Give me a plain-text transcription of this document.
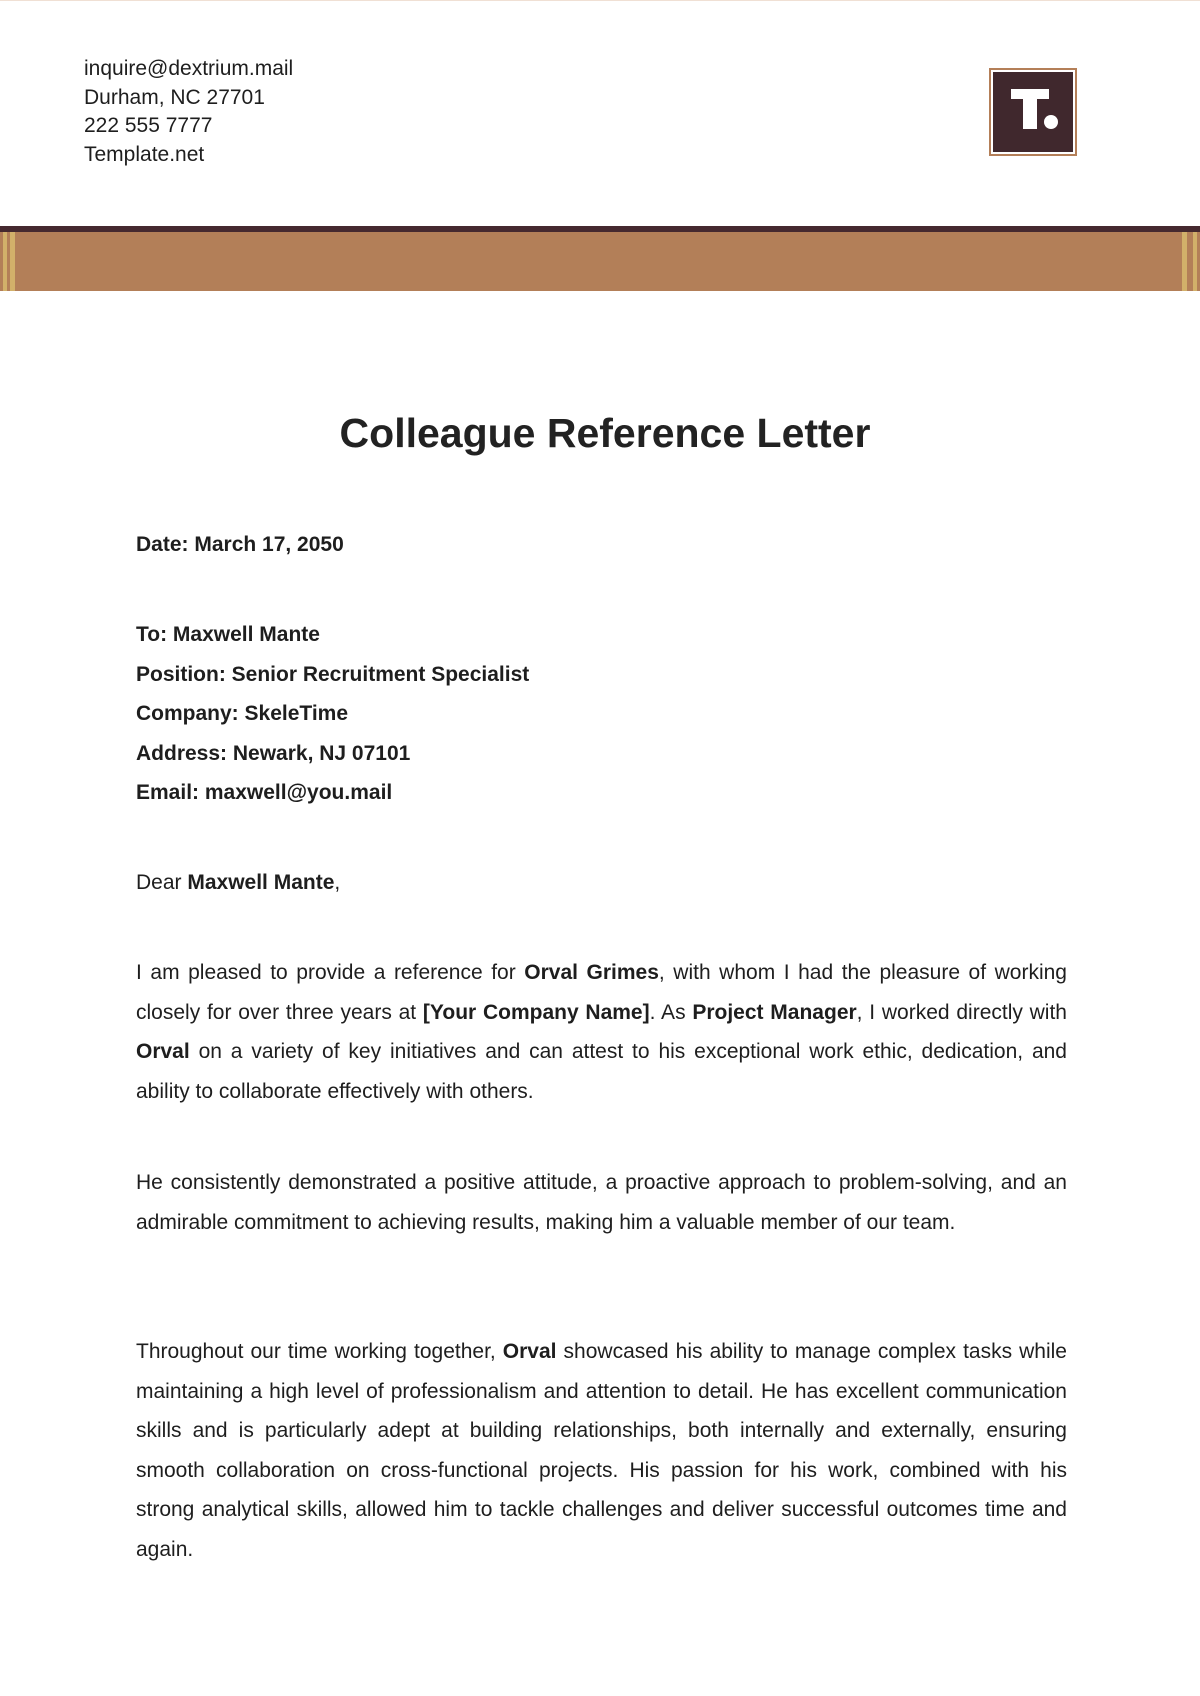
inquire@dextrium.mail
Durham, NC 27701
222 555 7777
Template.net
Colleague Reference Letter
Date: March 17, 2050
To: Maxwell Mante
Position: Senior Recruitment Specialist
Company: SkeleTime
Address: Newark, NJ 07101
Email: maxwell@you.mail
Dear Maxwell Mante,

I am pleased to provide a reference for Orval Grimes, with whom I had the pleasure of working closely for over three years at [Your Company Name]. As Project Manager, I worked directly with Orval on a variety of key initiatives and can attest to his exceptional work ethic, dedication, and ability to collaborate effectively with others.

He consistently demonstrated a positive attitude, a proactive approach to problem-solving, and an admirable commitment to achieving results, making him a valuable member of our team.

Throughout our time working together, Orval showcased his ability to manage complex tasks while maintaining a high level of professionalism and attention to detail. He has excellent communication skills and is particularly adept at building relationships, both internally and externally, ensuring smooth collaboration on cross-functional projects. His passion for his work, combined with his strong analytical skills, allowed him to tackle challenges and deliver successful outcomes time and again.
